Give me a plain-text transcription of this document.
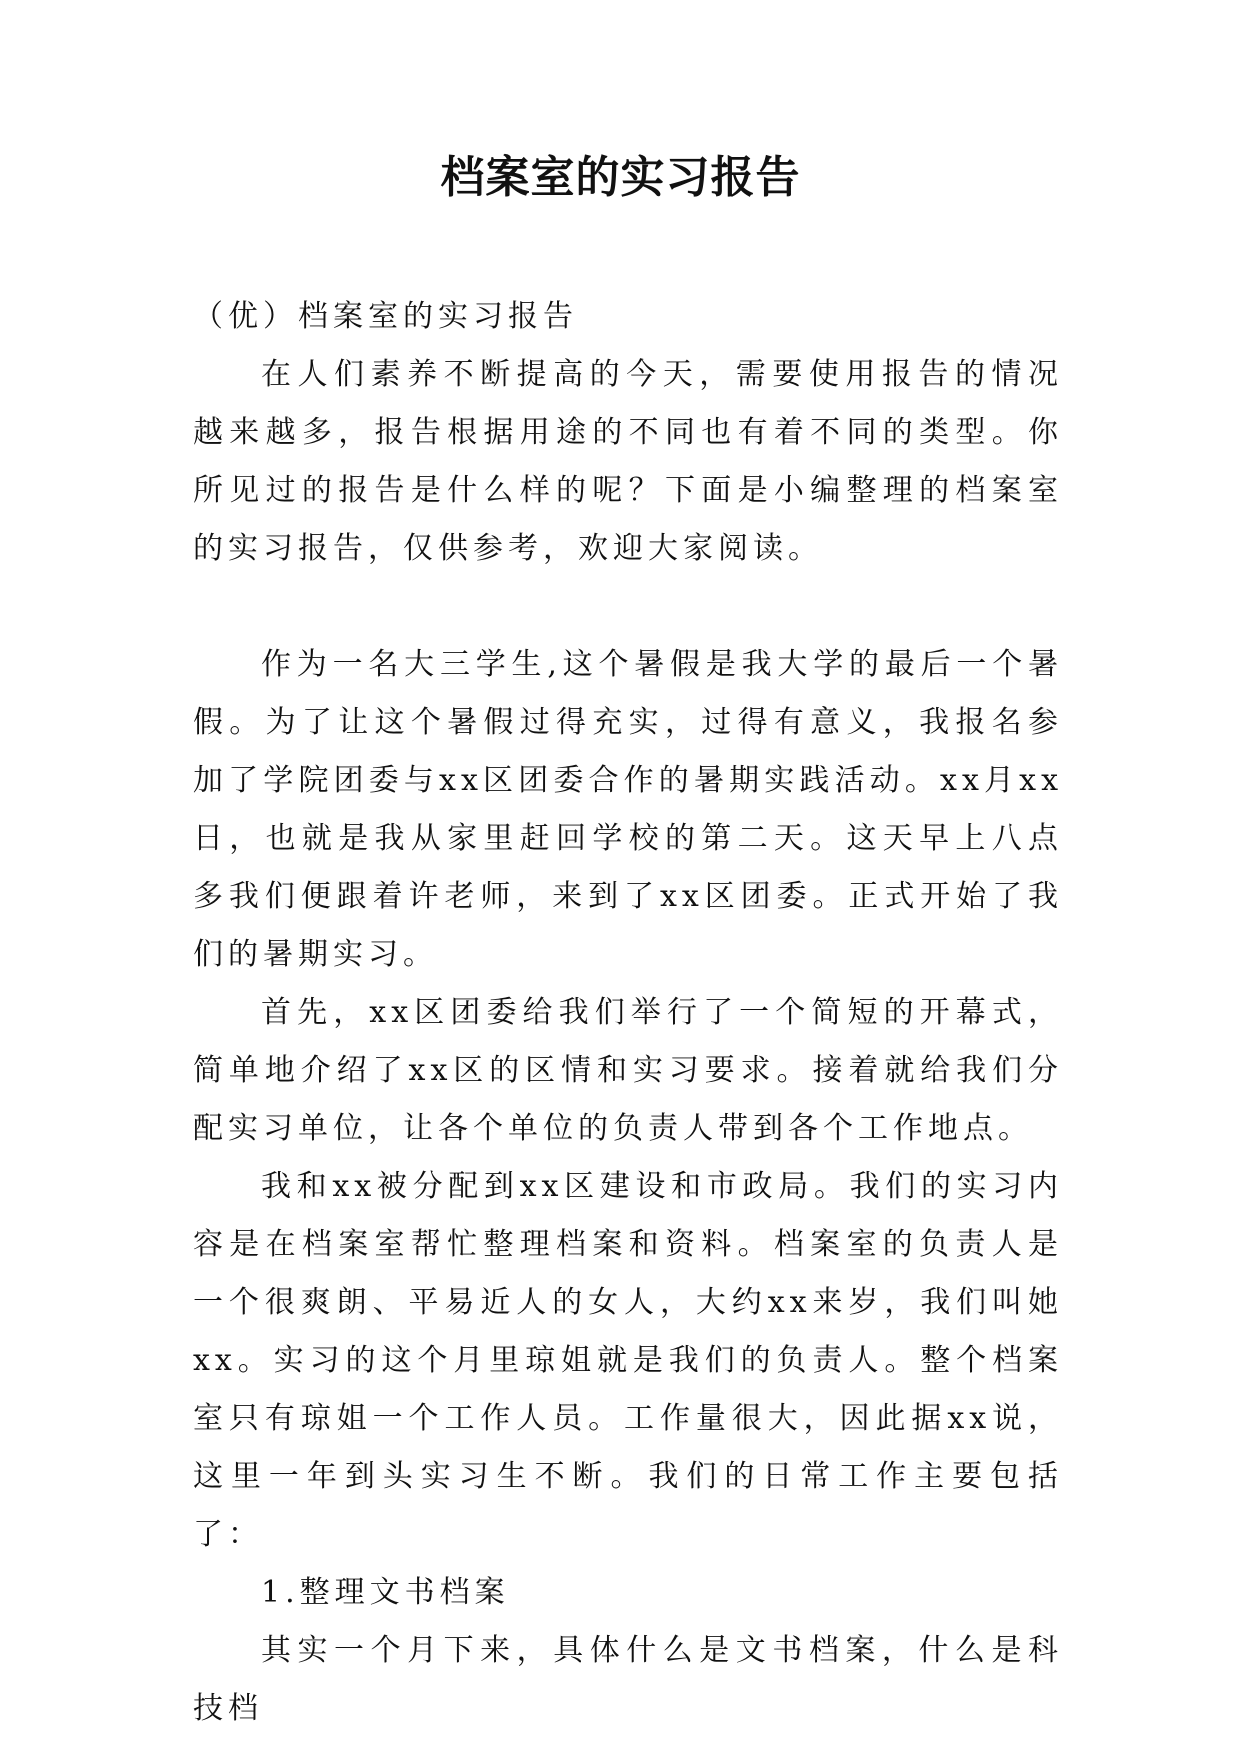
档案室的实习报告

（优）档案室的实习报告

在人们素养不断提高的今天，需要使用报告的情况越来越多，报告根据用途的不同也有着不同的类型。你所见过的报告是什么样的呢？下面是小编整理的档案室的实习报告，仅供参考，欢迎大家阅读。

作为一名大三学生,这个暑假是我大学的最后一个暑假。为了让这个暑假过得充实，过得有意义，我报名参加了学院团委与xx区团委合作的暑期实践活动。xx月xx日，也就是我从家里赶回学校的第二天。这天早上八点多我们便跟着许老师，来到了xx区团委。正式开始了我们的暑期实习。

首先，xx区团委给我们举行了一个简短的开幕式，简单地介绍了xx区的区情和实习要求。接着就给我们分配实习单位，让各个单位的负责人带到各个工作地点。

我和xx被分配到xx区建设和市政局。我们的实习内容是在档案室帮忙整理档案和资料。档案室的负责人是一个很爽朗、平易近人的女人，大约xx来岁，我们叫她xx。实习的这个月里琼姐就是我们的负责人。整个档案室只有琼姐一个工作人员。工作量很大，因此据xx说，这里一年到头实习生不断。我们的日常工作主要包括了：

1.整理文书档案

其实一个月下来，具体什么是文书档案，什么是科技档
